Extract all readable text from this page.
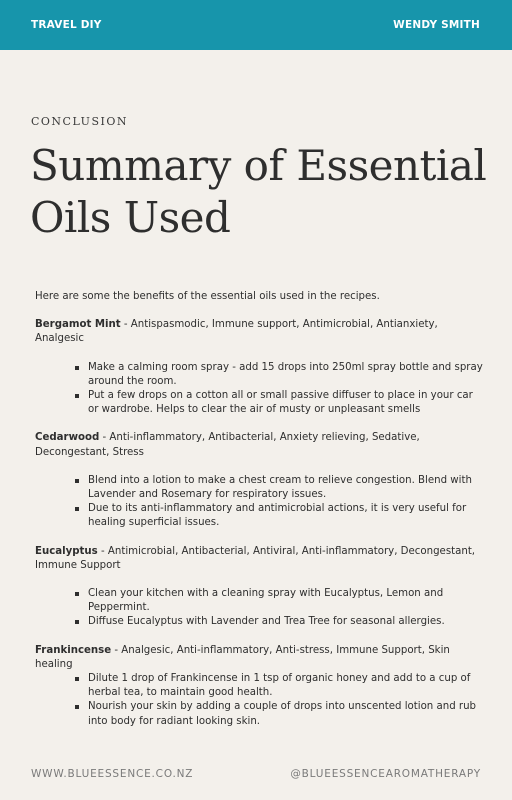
TRAVEL DIY	WENDY SMITH
CONCLUSION
Summary of Essential Oils Used

Here are some the benefits of the essential oils used in the recipes.

Bergamot Mint - Antispasmodic, Immune support, Antimicrobial, Antianxiety, Analgesic

Make a calming room spray - add 15 drops into 250ml spray bottle and spray around the room.
Put a few drops on a cotton all or small passive diffuser to place in your car or wardrobe. Helps to clear the air of musty or unpleasant smells

Cedarwood - Anti-inflammatory, Antibacterial, Anxiety relieving, Sedative, Decongestant, Stress

Blend into a lotion to make a chest cream to relieve congestion. Blend with Lavender and Rosemary for respiratory issues.
Due to its anti-inflammatory and antimicrobial actions, it is very useful for healing superficial issues.

Eucalyptus - Antimicrobial, Antibacterial, Antiviral, Anti-inflammatory, Decongestant, Immune Support

Clean your kitchen with a cleaning spray with Eucalyptus, Lemon and Peppermint.
Diffuse Eucalyptus with Lavender and Trea Tree for seasonal allergies.

Frankincense - Analgesic, Anti-inflammatory, Anti-stress, Immune Support, Skin healing

Dilute 1 drop of Frankincense in 1 tsp of organic honey and add to a cup of herbal tea, to maintain good health.
Nourish your skin by adding a couple of drops into unscented lotion and rub into body for radiant looking skin.
WWW.BLUEESSENCE.CO.NZ	@BLUEESSENCEAROMATHERAPY
